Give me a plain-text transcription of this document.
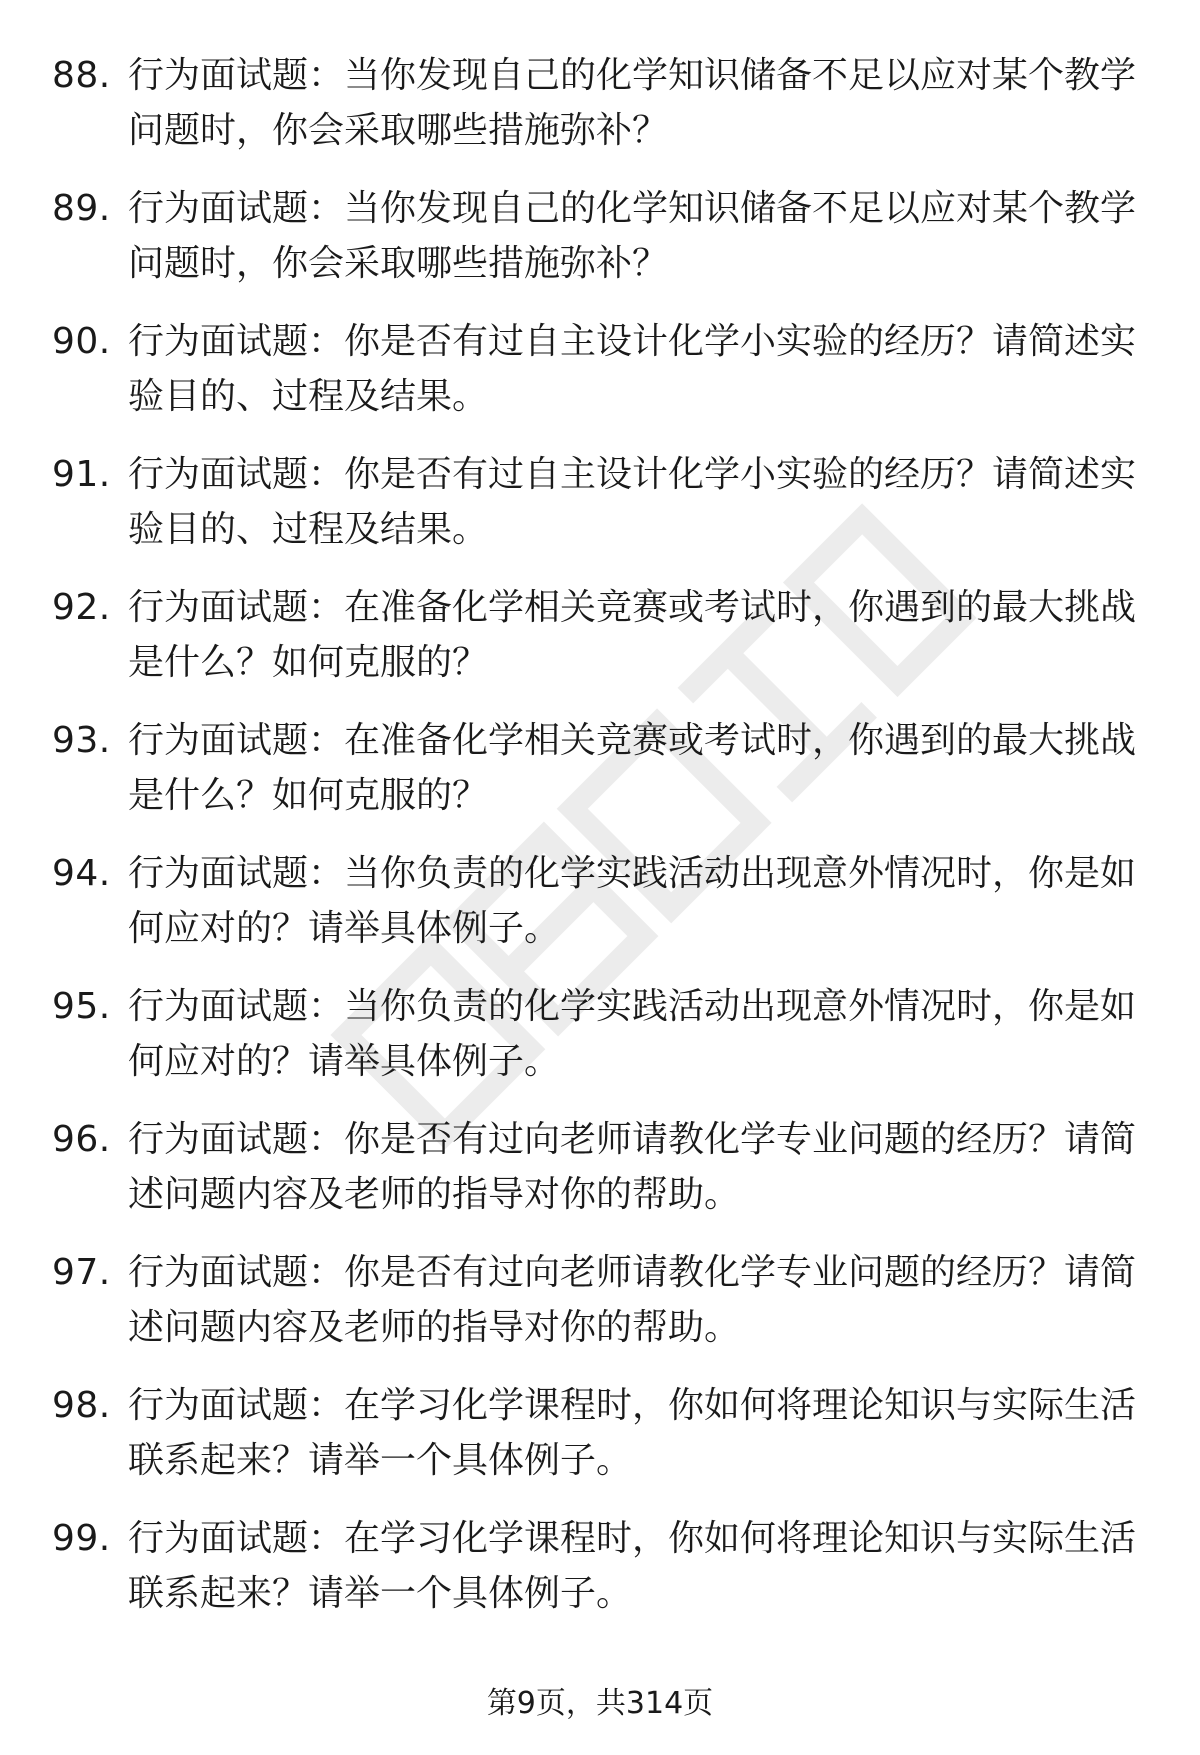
88. 行为面试题：当你发现自己的化学知识储备不足以应对某个教学
问题时，你会采取哪些措施弥补？

89. 行为面试题：当你发现自己的化学知识储备不足以应对某个教学
问题时，你会采取哪些措施弥补？

90. 行为面试题：你是否有过自主设计化学小实验的经历？请简述实
验目的、过程及结果。

91. 行为面试题：你是否有过自主设计化学小实验的经历？请简述实
验目的、过程及结果。

92. 行为面试题：在准备化学相关竞赛或考试时，你遇到的最大挑战
是什么？如何克服的？

93. 行为面试题：在准备化学相关竞赛或考试时，你遇到的最大挑战
是什么？如何克服的？

94. 行为面试题：当你负责的化学实践活动出现意外情况时，你是如
何应对的？请举具体例子。

95. 行为面试题：当你负责的化学实践活动出现意外情况时，你是如
何应对的？请举具体例子。

96. 行为面试题：你是否有过向老师请教化学专业问题的经历？请简
述问题内容及老师的指导对你的帮助。

97. 行为面试题：你是否有过向老师请教化学专业问题的经历？请简
述问题内容及老师的指导对你的帮助。

98. 行为面试题：在学习化学课程时，你如何将理论知识与实际生活
联系起来？请举一个具体例子。

99. 行为面试题：在学习化学课程时，你如何将理论知识与实际生活
联系起来？请举一个具体例子。

第9页，共314页
